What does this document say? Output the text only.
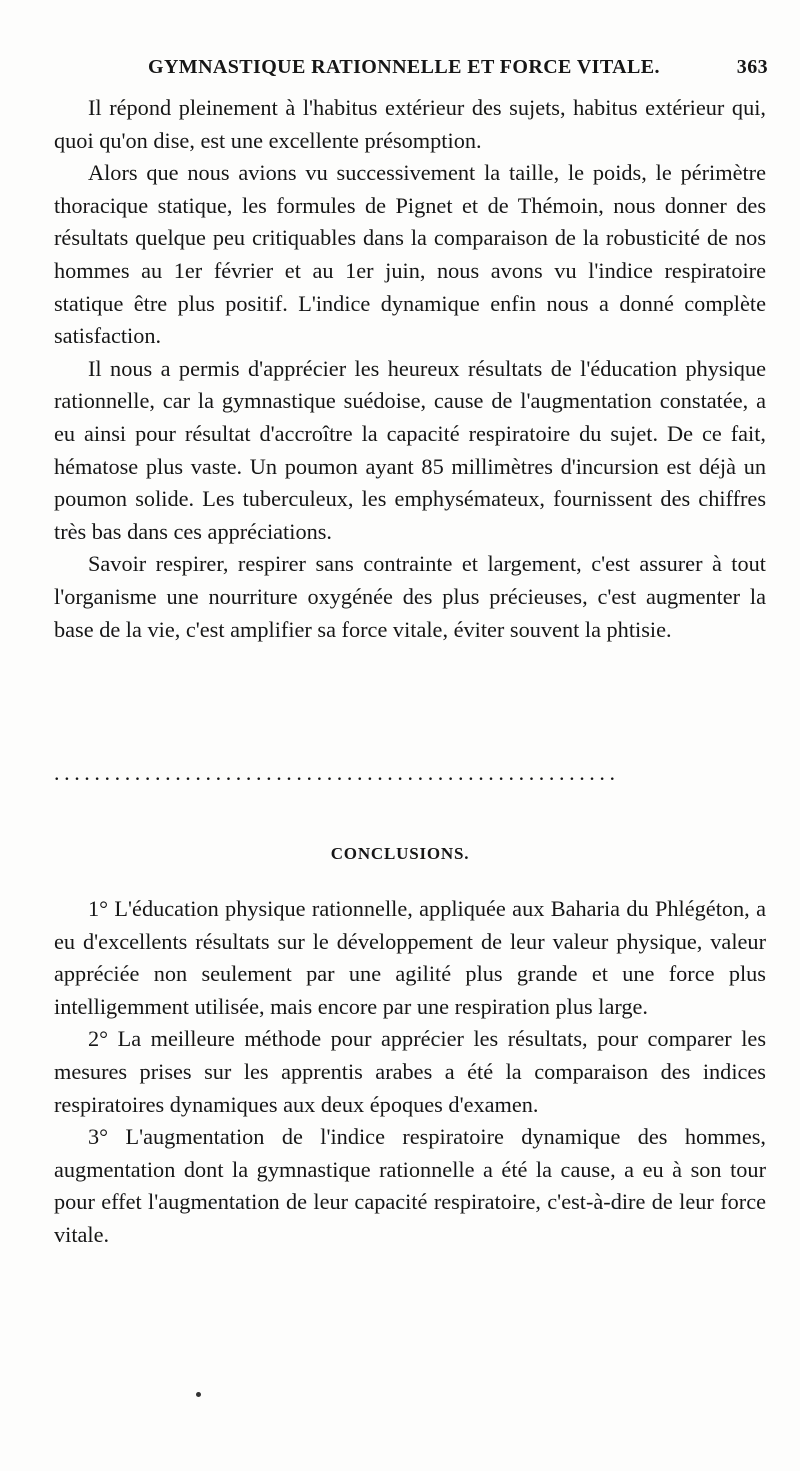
GYMNASTIQUE RATIONNELLE ET FORCE VITALE.	363

Il répond pleinement à l'habitus extérieur des sujets, habitus extérieur qui, quoi qu'on dise, est une excellente présomption.

Alors que nous avions vu successivement la taille, le poids, le périmètre thoracique statique, les formules de Pignet et de Thémoin, nous donner des résultats quelque peu critiquables dans la comparaison de la robusticité de nos hommes au 1er février et au 1er juin, nous avons vu l'indice respiratoire statique être plus positif. L'indice dynamique enfin nous a donné complète satisfaction.

Il nous a permis d'apprécier les heureux résultats de l'éducation physique rationnelle, car la gymnastique suédoise, cause de l'augmentation constatée, a eu ainsi pour résultat d'accroître la capacité respiratoire du sujet. De ce fait, hématose plus vaste. Un poumon ayant 85 millimètres d'incursion est déjà un poumon solide. Les tuberculeux, les emphysémateux, fournissent des chiffres très bas dans ces appréciations.

Savoir respirer, respirer sans contrainte et largement, c'est assurer à tout l'organisme une nourriture oxygénée des plus précieuses, c'est augmenter la base de la vie, c'est amplifier sa force vitale, éviter souvent la phtisie.

........................................................
CONCLUSIONS.

1° L'éducation physique rationnelle, appliquée aux Baharia du Phlégéton, a eu d'excellents résultats sur le développement de leur valeur physique, valeur appréciée non seulement par une agilité plus grande et une force plus intelligemment utilisée, mais encore par une respiration plus large.

2° La meilleure méthode pour apprécier les résultats, pour comparer les mesures prises sur les apprentis arabes a été la comparaison des indices respiratoires dynamiques aux deux époques d'examen.

3° L'augmentation de l'indice respiratoire dynamique des hommes, augmentation dont la gymnastique rationnelle a été la cause, a eu à son tour pour effet l'augmentation de leur capacité respiratoire, c'est-à-dire de leur force vitale.
